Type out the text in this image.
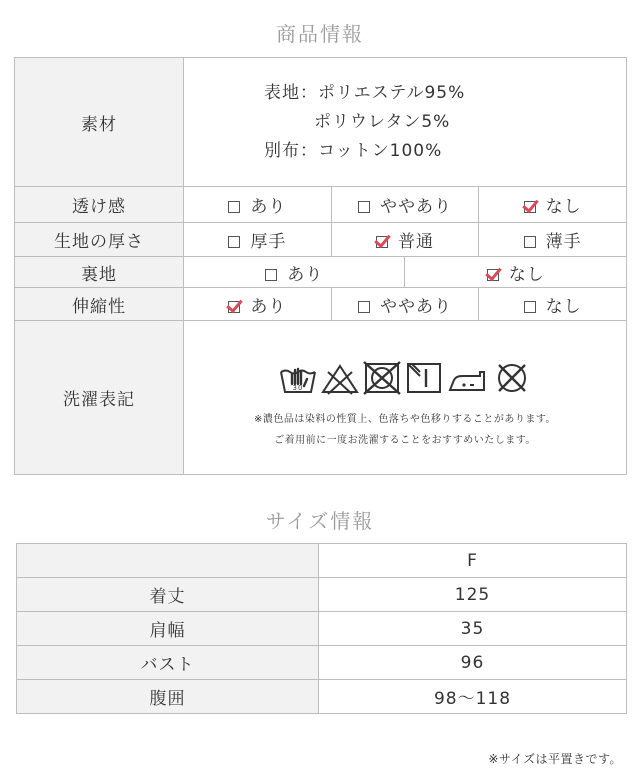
商品情報
素材	表地：ポリエステル95%
ポリウレタン5%
別布：コットン100%			

透け感	あり	ややあり		なし
生地の厚さ	厚手	普通		薄手
裏地	あり		なし	
伸縮性	あり	ややあり		なし
洗濯表記	30
※濃色品は染料の性質上、色落ちや色移りすることがあります。
ご着用前に一度お洗濯することをおすすめいたします。			
サイズ情報
	F
着丈	125
肩幅	35
バスト	96
腹囲	98〜118
※サイズは平置きです。
